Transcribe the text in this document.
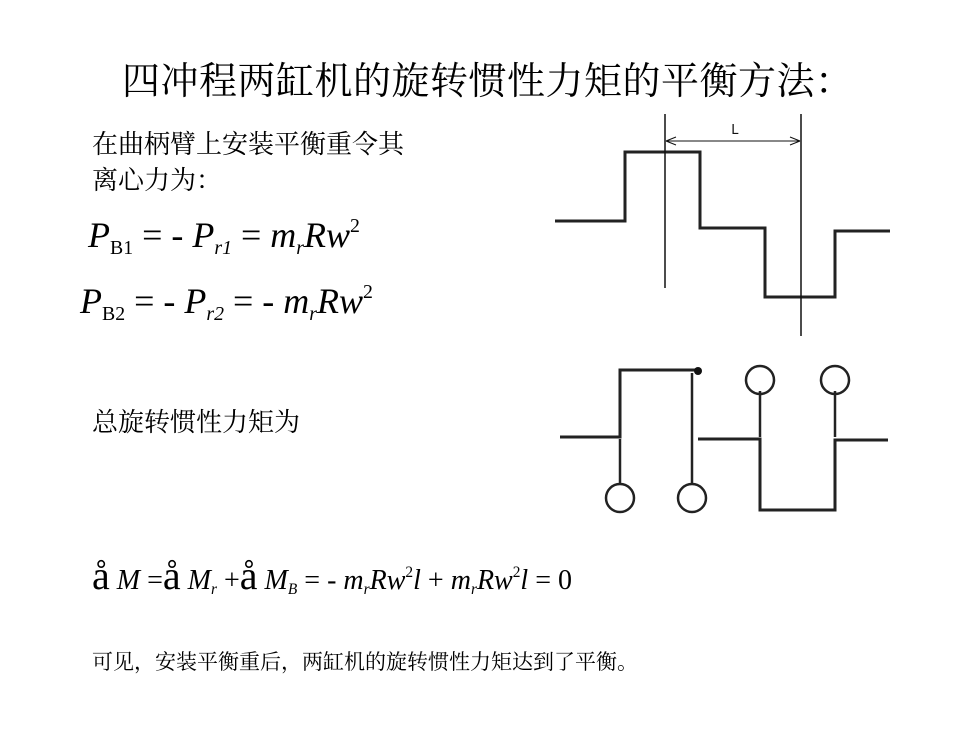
四冲程两缸机的旋转惯性力矩的平衡方法：
在曲柄臂上安装平衡重令其
离心力为：
PB1 = - Pr1 = mrRw$^2$
PB2 = - Pr2 = - mrRw$^2$
总旋转惯性力矩为
å M =å Mr +å MB = - mrRw$^2$l + mrRw$^2$l = 0
L
可见，安装平衡重后，两缸机的旋转惯性力矩达到了平衡。
